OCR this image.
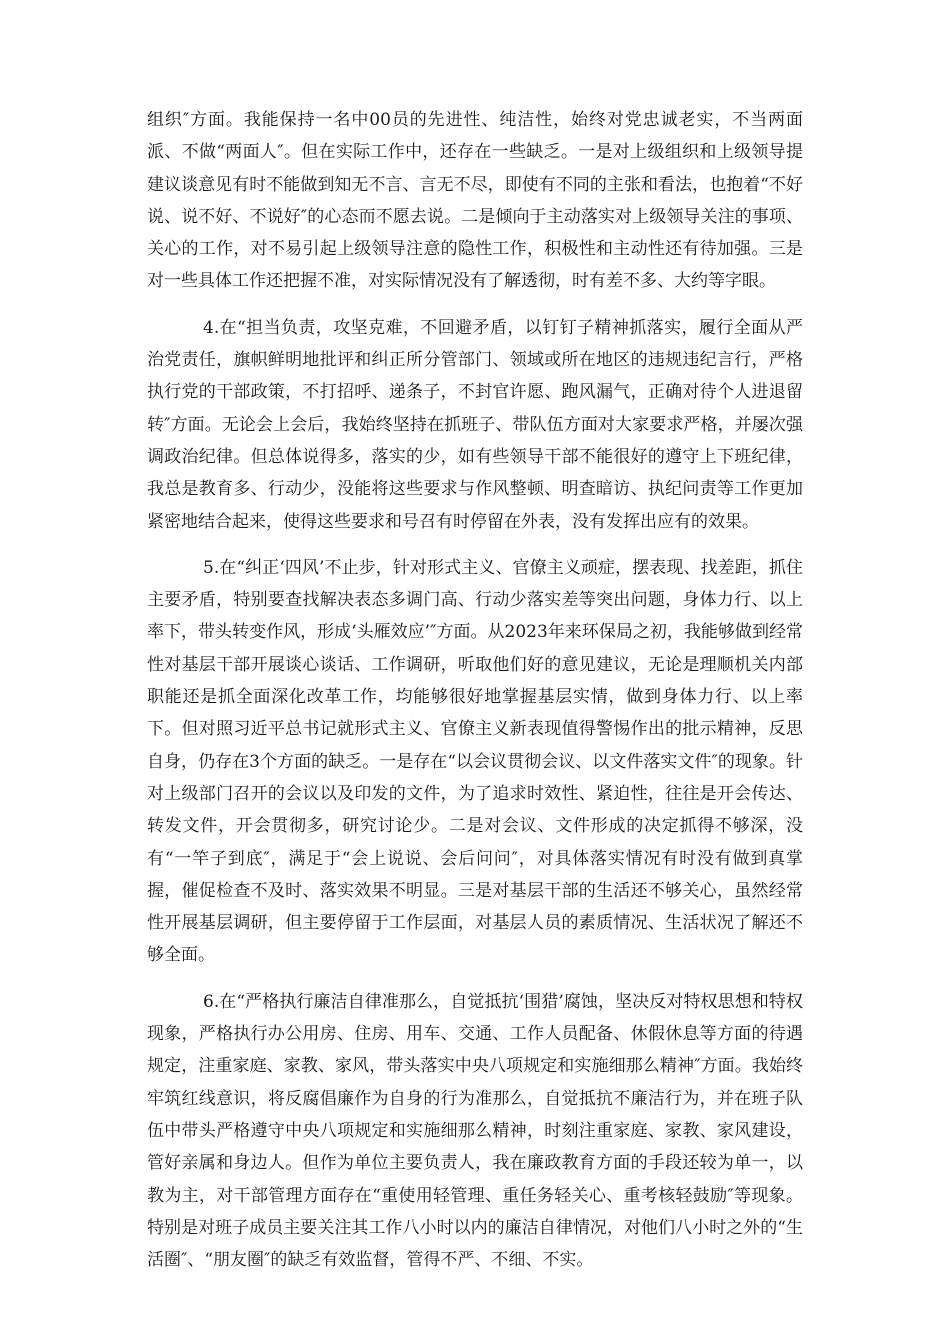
组织″方面。我能保持一名中00员的先进性、纯洁性，始终对党忠诚老实，不当两面派、不做“两面人″。但在实际工作中，还存在一些缺乏。一是对上级组织和上级领导提建议谈意见有时不能做到知无不言、言无不尽，即使有不同的主张和看法，也抱着“不好说、说不好、不说好″的心态而不愿去说。二是倾向于主动落实对上级领导关注的事项、关心的工作，对不易引起上级领导注意的隐性工作，积极性和主动性还有待加强。三是对一些具体工作还把握不准，对实际情况没有了解透彻，时有差不多、大约等字眼。

4.在“担当负责，攻坚克难，不回避矛盾，以钉钉子精神抓落实，履行全面从严治党责任，旗帜鲜明地批评和纠正所分管部门、领域或所在地区的违规违纪言行，严格执行党的干部政策，不打招呼、递条子，不封官许愿、跑风漏气，正确对待个人进退留转″方面。无论会上会后，我始终坚持在抓班子、带队伍方面对大家要求严格，并屡次强调政治纪律。但总体说得多，落实的少，如有些领导干部不能很好的遵守上下班纪律，我总是教育多、行动少，没能将这些要求与作风整顿、明查暗访、执纪问责等工作更加紧密地结合起来，使得这些要求和号召有时停留在外表，没有发挥出应有的效果。

5.在“纠正‘四风’不止步，针对形式主义、官僚主义顽症，摆表现、找差距，抓住主要矛盾，特别要查找解决表态多调门高、行动少落实差等突出问题，身体力行、以上率下，带头转变作风，形成‘头雁效应’″方面。从2023年来环保局之初，我能够做到经常性对基层干部开展谈心谈话、工作调研，听取他们好的意见建议，无论是理顺机关内部职能还是抓全面深化改革工作，均能够很好地掌握基层实情，做到身体力行、以上率下。但对照习近平总书记就形式主义、官僚主义新表现值得警惕作出的批示精神，反思自身，仍存在3个方面的缺乏。一是存在“以会议贯彻会议、以文件落实文件″的现象。针对上级部门召开的会议以及印发的文件，为了追求时效性、紧迫性，往往是开会传达、转发文件，开会贯彻多，研究讨论少。二是对会议、文件形成的决定抓得不够深，没有“一竿子到底″，满足于“会上说说、会后问问″，对具体落实情况有时没有做到真掌握，催促检查不及时、落实效果不明显。三是对基层干部的生活还不够关心，虽然经常性开展基层调研，但主要停留于工作层面，对基层人员的素质情况、生活状况了解还不够全面。

6.在“严格执行廉洁自律准那么，自觉抵抗‘围猎’腐蚀，坚决反对特权思想和特权现象，严格执行办公用房、住房、用车、交通、工作人员配备、休假休息等方面的待遇规定，注重家庭、家教、家风，带头落实中央八项规定和实施细那么精神″方面。我始终牢筑红线意识，将反腐倡廉作为自身的行为准那么，自觉抵抗不廉洁行为，并在班子队伍中带头严格遵守中央八项规定和实施细那么精神，时刻注重家庭、家教、家风建设，管好亲属和身边人。但作为单位主要负责人，我在廉政教育方面的手段还较为单一，以教为主，对干部管理方面存在“重使用轻管理、重任务轻关心、重考核轻鼓励″等现象。特别是对班子成员主要关注其工作八小时以内的廉洁自律情况，对他们八小时之外的“生活圈″、“朋友圈″的缺乏有效监督，管得不严、不细、不实。
